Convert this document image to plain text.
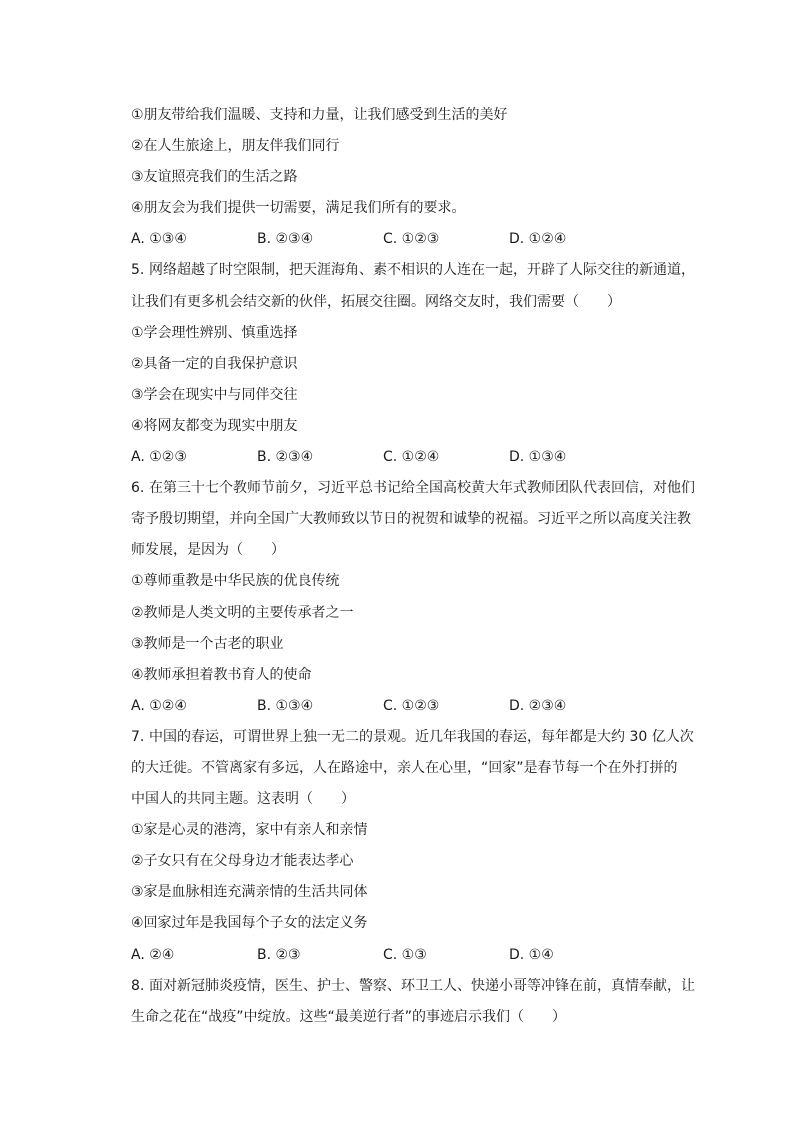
①朋友带给我们温暖、支持和力量，让我们感受到生活的美好
②在人生旅途上，朋友伴我们同行
③友谊照亮我们的生活之路
④朋友会为我们提供一切需要，满足我们所有的要求。
A. ①③④	B. ②③④	C. ①②③	D. ①②④
5. 网络超越了时空限制，把天涯海角、素不相识的人连在一起，开辟了人际交往的新通道，
让我们有更多机会结交新的伙伴，拓展交往圈。网络交友时，我们需要（　　）
①学会理性辨别、慎重选择
②具备一定的自我保护意识
③学会在现实中与同伴交往
④将网友都变为现实中朋友
A. ①②③	B. ②③④	C. ①②④	D. ①③④
6. 在第三十七个教师节前夕，习近平总书记给全国高校黄大年式教师团队代表回信，对他们
寄予殷切期望，并向全国广大教师致以节日的祝贺和诚挚的祝福。习近平之所以高度关注教
师发展，是因为（　　）
①尊师重教是中华民族的优良传统
②教师是人类文明的主要传承者之一
③教师是一个古老的职业
④教师承担着教书育人的使命
A. ①②④	B. ①③④	C. ①②③	D. ②③④
7. 中国的春运，可谓世界上独一无二的景观。近几年我国的春运，每年都是大约 30 亿人次
的大迁徙。不管离家有多远，人在路途中，亲人在心里，“回家”是春节每一个在外打拼的
中国人的共同主题。这表明（　　）
①家是心灵的港湾，家中有亲人和亲情
②子女只有在父母身边才能表达孝心
③家是血脉相连充满亲情的生活共同体
④回家过年是我国每个子女的法定义务
A. ②④	B. ②③	C. ①③	D. ①④
8. 面对新冠肺炎疫情，医生、护士、警察、环卫工人、快递小哥等冲锋在前，真情奉献，让
生命之花在“战疫”中绽放。这些“最美逆行者”的事迹启示我们（　　）
